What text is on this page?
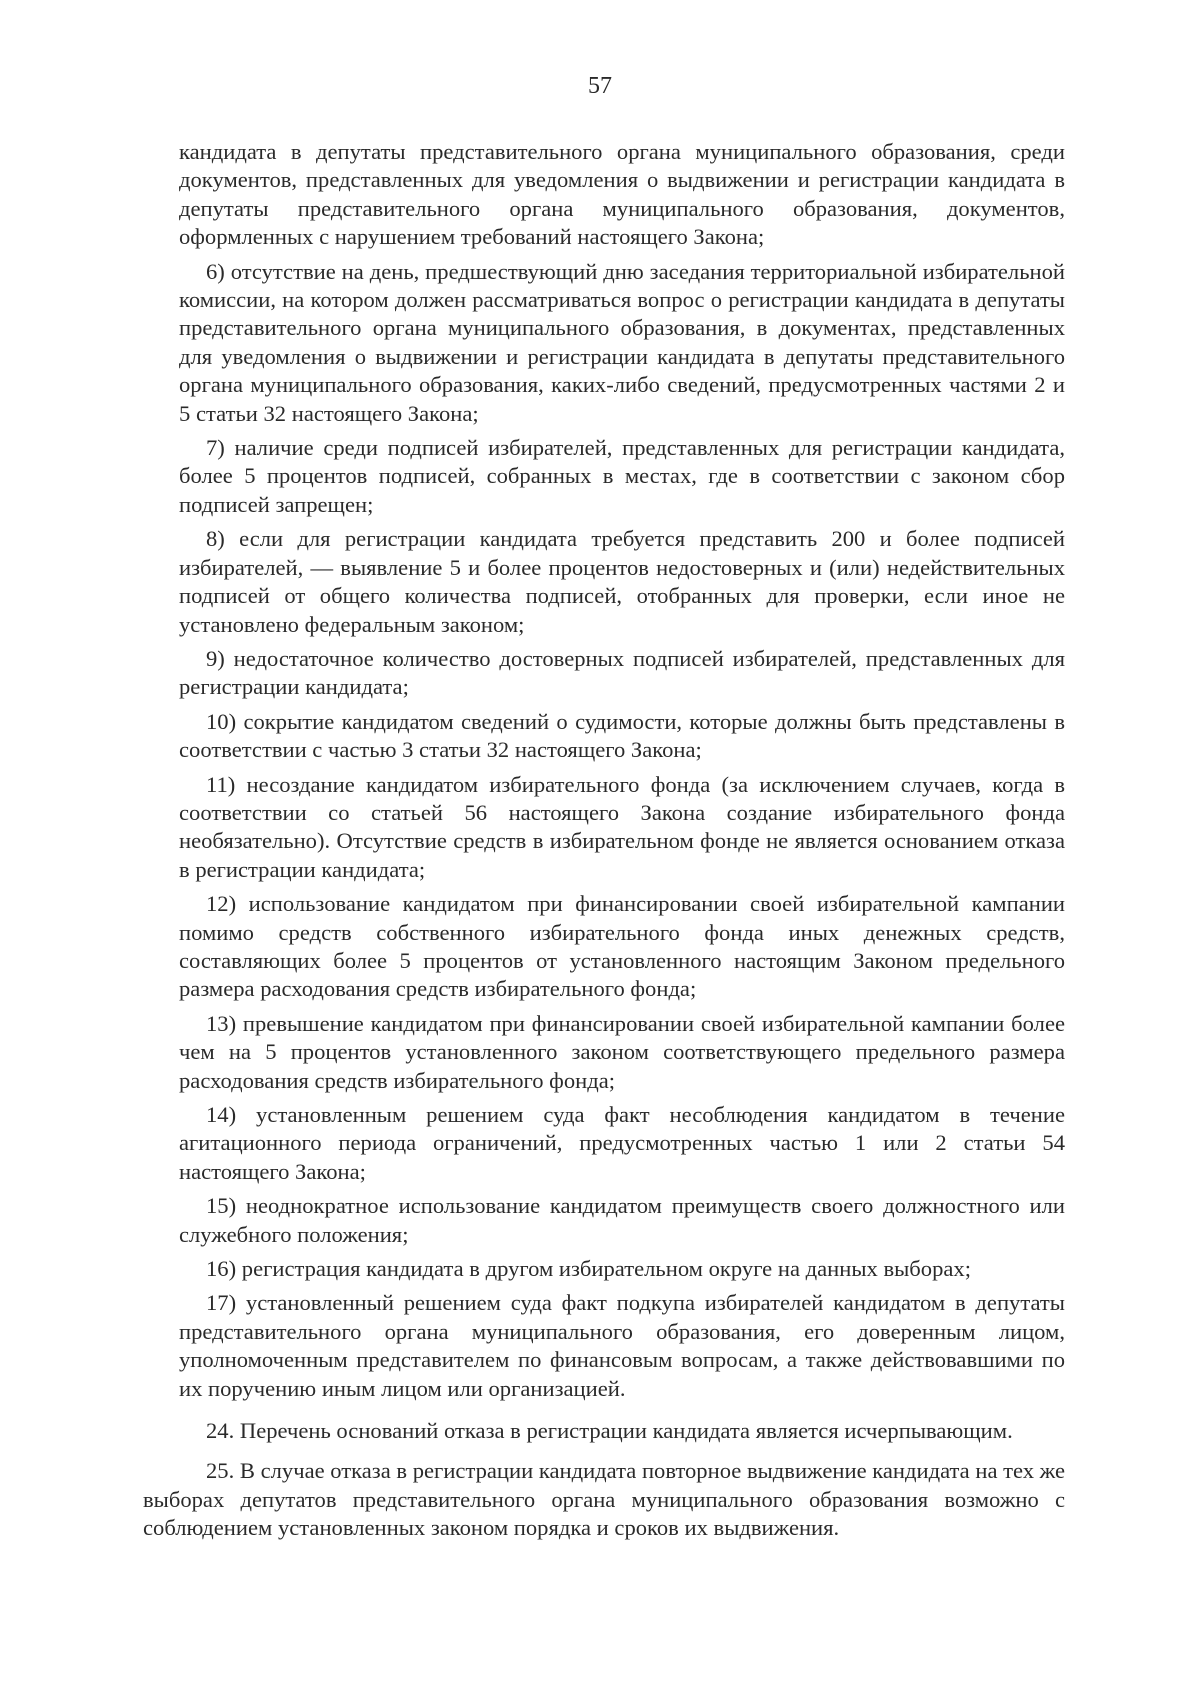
57

кандидата в депутаты представительного органа муниципального образования, среди документов, представленных для уведомления о выдвижении и регистрации кандидата в депутаты представительного органа муниципального образования, документов, оформленных с нарушением требований настоящего Закона;

6) отсутствие на день, предшествующий дню заседания территориальной избирательной комиссии, на котором должен рассматриваться вопрос о регистрации кандидата в депутаты представительного органа муниципального образования, в документах, представленных для уведомления о выдвижении и регистрации кандидата в депутаты представительного органа муниципального образования, каких-либо сведений, предусмотренных частями 2 и 5 статьи 32 настоящего Закона;

7) наличие среди подписей избирателей, представленных для регистрации кандидата, более 5 процентов подписей, собранных в местах, где в соответствии с законом сбор подписей запрещен;

8) если для регистрации кандидата требуется представить 200 и более подписей избирателей, — выявление 5 и более процентов недостоверных и (или) недействительных подписей от общего количества подписей, отобранных для проверки, если иное не установлено федеральным законом;

9) недостаточное количество достоверных подписей избирателей, представленных для регистрации кандидата;

10) сокрытие кандидатом сведений о судимости, которые должны быть представлены в соответствии с частью 3 статьи 32 настоящего Закона;

11) несоздание кандидатом избирательного фонда (за исключением случаев, когда в соответствии со статьей 56 настоящего Закона создание избирательного фонда необязательно). Отсутствие средств в избирательном фонде не является основанием отказа в регистрации кандидата;

12) использование кандидатом при финансировании своей избирательной кампании помимо средств собственного избирательного фонда иных денежных средств, составляющих более 5 процентов от установленного настоящим Законом предельного размера расходования средств избирательного фонда;

13) превышение кандидатом при финансировании своей избирательной кампании более чем на 5 процентов установленного законом соответствующего предельного размера расходования средств избирательного фонда;

14) установленным решением суда факт несоблюдения кандидатом в течение агитационного периода ограничений, предусмотренных частью 1 или 2 статьи 54 настоящего Закона;

15) неоднократное использование кандидатом преимуществ своего должностного или служебного положения;

16) регистрация кандидата в другом избирательном округе на данных выборах;

17) установленный решением суда факт подкупа избирателей кандидатом в депутаты представительного органа муниципального образования, его доверенным лицом, уполномоченным представителем по финансовым вопросам, а также действовавшими по их поручению иным лицом или организацией.

24. Перечень оснований отказа в регистрации кандидата является исчерпывающим.

25. В случае отказа в регистрации кандидата повторное выдвижение кандидата на тех же выборах депутатов представительного органа муниципального образования возможно с соблюдением установленных законом порядка и сроков их выдвижения.
